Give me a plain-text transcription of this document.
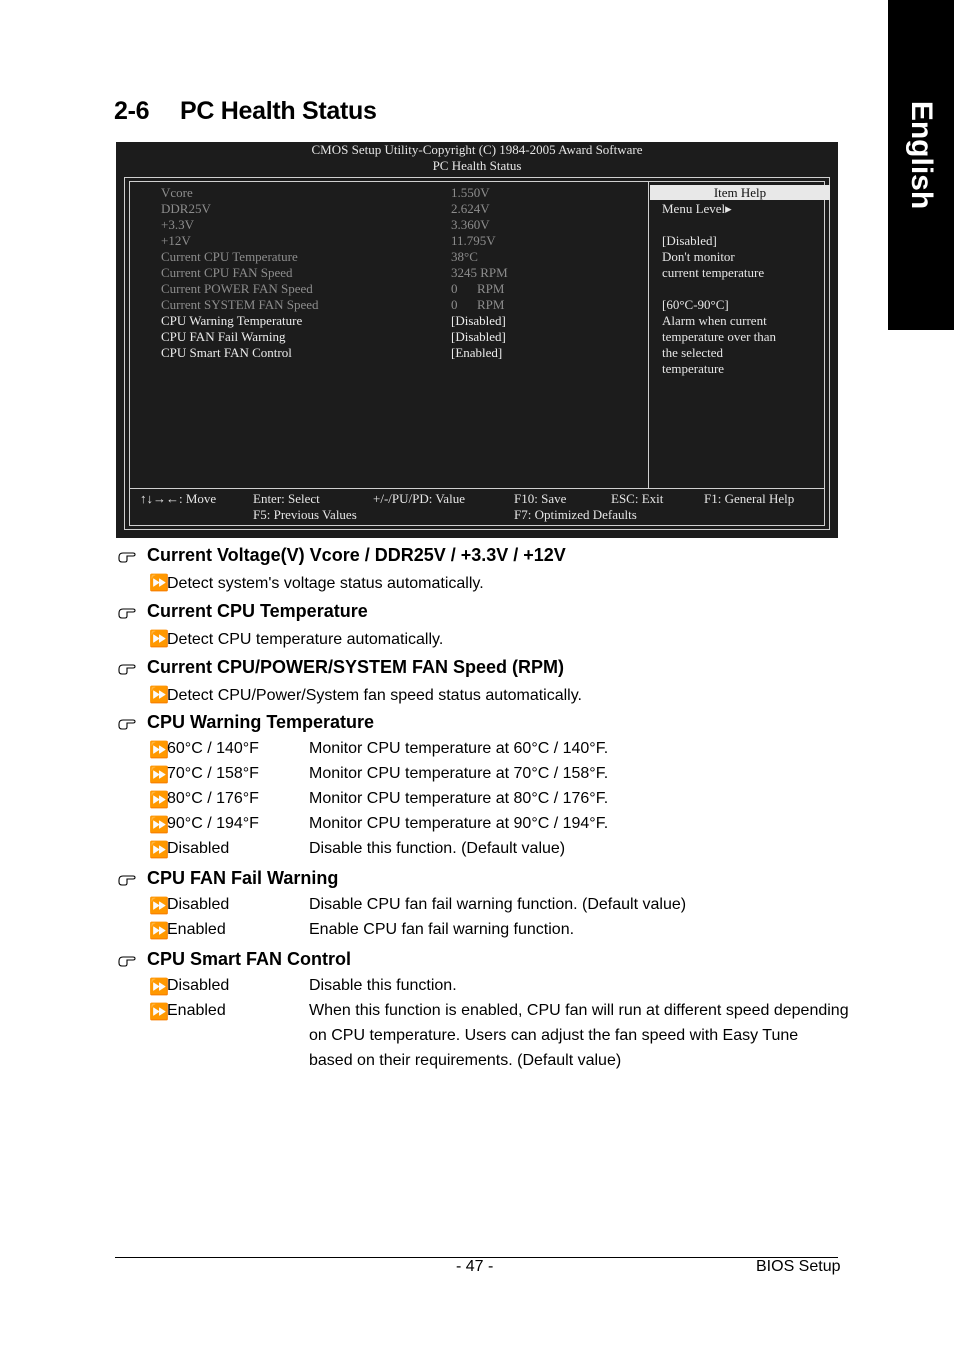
English
2-6 PC Health Status
CMOS Setup Utility-Copyright (C) 1984-2005 Award Software
PC Health Status
Vcore	1.550V
DDR25V	2.624V
+3.3V	3.360V
+12V	11.795V
Current CPU Temperature	38°C
Current CPU FAN Speed	3245 RPM
Current POWER FAN Speed	0      RPM
Current SYSTEM FAN Speed	0      RPM
CPU Warning Temperature	[Disabled]
CPU FAN Fail Warning	[Disabled]
CPU Smart FAN Control	[Enabled]
Item Help
Menu Level▸
[Disabled]
Don't monitor
current temperature
[60°C-90°C]
Alarm when current
temperature over than
the selected
temperature
↑↓→←: Move	Enter: Select	+/-/PU/PD: Value	F10: Save	ESC: Exit	F1: General Help
F5: Previous Values	F7: Optimized Defaults
Current Voltage(V) Vcore / DDR25V / +3.3V / +12V
⏩Detect system's voltage status automatically.
Current CPU Temperature
⏩Detect CPU temperature automatically.
Current CPU/POWER/SYSTEM FAN Speed (RPM)
⏩Detect CPU/Power/System fan speed status automatically.
CPU Warning Temperature
⏩
60°C / 140°F	Monitor CPU temperature at 60°C / 140°F.
⏩
70°C / 158°F	Monitor CPU temperature at 70°C / 158°F.
⏩
80°C / 176°F	Monitor CPU temperature at 80°C / 176°F.
⏩
90°C / 194°F	Monitor CPU temperature at 90°C / 194°F.
⏩
Disabled	Disable this function. (Default value)
CPU FAN Fail Warning
⏩
Disabled	Disable CPU fan fail warning function. (Default value)
⏩
Enabled	Enable CPU fan fail warning function.
CPU Smart FAN Control
⏩
Disabled	Disable this function.
⏩
Enabled	When this function is enabled, CPU fan will run at different speed depending
on CPU temperature. Users can adjust the fan speed with Easy Tune
based on their requirements. (Default value)
- 47 -	BIOS Setup
